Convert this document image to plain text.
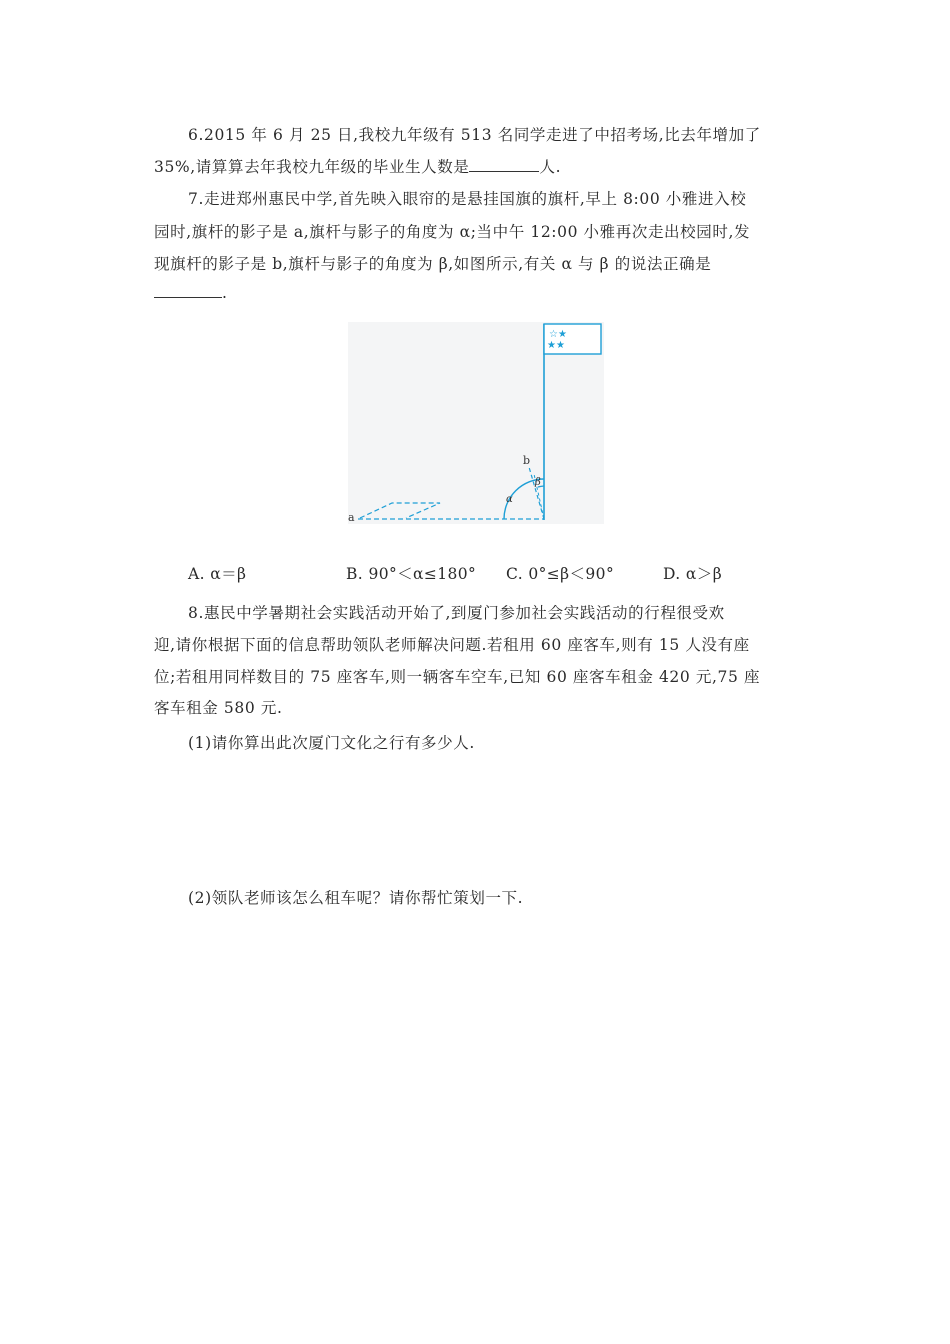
6.2015 年 6 月 25 日,我校九年级有 513 名同学走进了中招考场,比去年增加了
35%,请算算去年我校九年级的毕业生人数是	人.
7.走进郑州惠民中学,首先映入眼帘的是悬挂国旗的旗杆,早上 8:00 小雅进入校
园时,旗杆的影子是 a,旗杆与影子的角度为 α;当中午 12:00 小雅再次走出校园时,发
现旗杆的影子是 b,旗杆与影子的角度为 β,如图所示,有关 α 与 β 的说法正确是
.
☆★
★★
a
b
α
β
A. α＝β	B. 90°＜α≤180° C. 0°≤β＜90°	D. α＞β
8.惠民中学暑期社会实践活动开始了,到厦门参加社会实践活动的行程很受欢
迎,请你根据下面的信息帮助领队老师解决问题.若租用 60 座客车,则有 15 人没有座
位;若租用同样数目的 75 座客车,则一辆客车空车,已知 60 座客车租金 420 元,75 座
客车租金 580 元.
(1)请你算出此次厦门文化之行有多少人.
(2)领队老师该怎么租车呢？请你帮忙策划一下.
